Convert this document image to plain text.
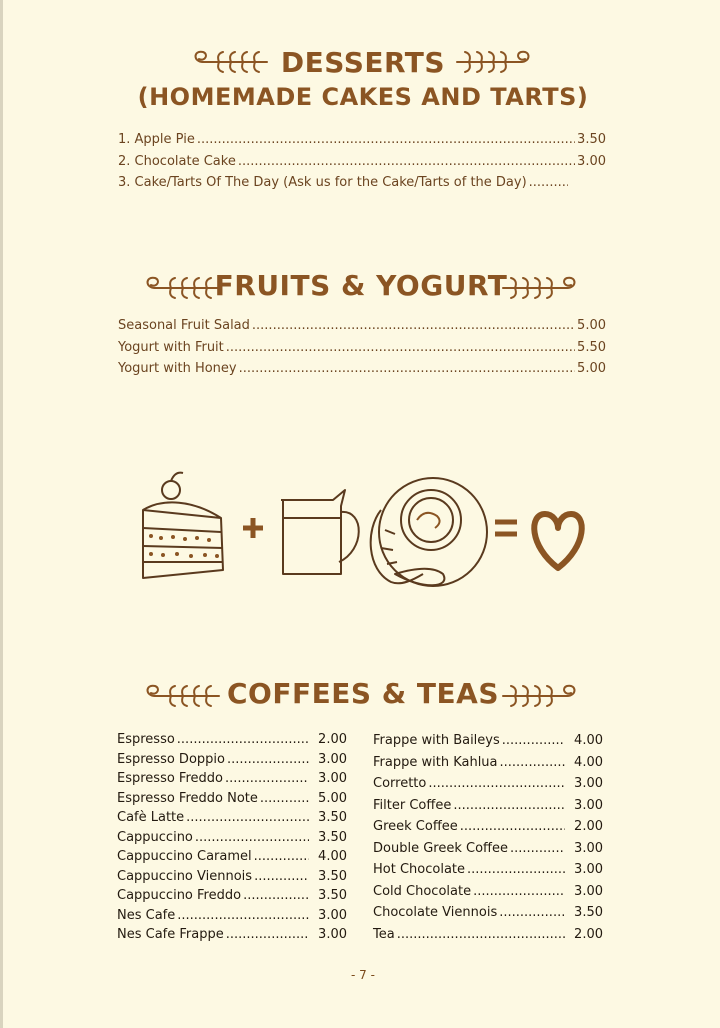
DESSERTS
(HOMEMADE CAKES AND TARTS)
1. Apple Pie .....	3.50
2. Chocolate Cake .....	3.00
3. Cake/Tarts Of The Day (Ask us for the Cake/Tarts of the Day)
.....
FRUITS & YOGURT
Seasonal Fruit Salad .....	5.00
Yogurt with Fruit .....	5.50
Yogurt with Honey .....	5.00
COFFEES & TEAS
Espresso .....	2.00
Espresso Doppio .....	3.00
Espresso Freddo .....	3.00
Espresso Freddo Note .....	5.00
Cafè Latte .....	3.50
Cappuccino .....	3.50
Cappuccino Caramel .....	4.00
Cappuccino Viennois .....	3.50
Cappuccino Freddo .....	3.50
Nes Cafe .....	3.00
Nes Cafe Frappe .....	3.00
Frappe with Baileys .....	4.00
Frappe with Kahlua .....	4.00
Corretto .....	3.00
Filter Coffee .....	3.00
Greek Coffee .....	2.00
Double Greek Coffee .....	3.00
Hot Chocolate .....	3.00
Cold Chocolate .....	3.00
Chocolate Viennois .....	3.50
Tea .....	2.00
- 7 -
